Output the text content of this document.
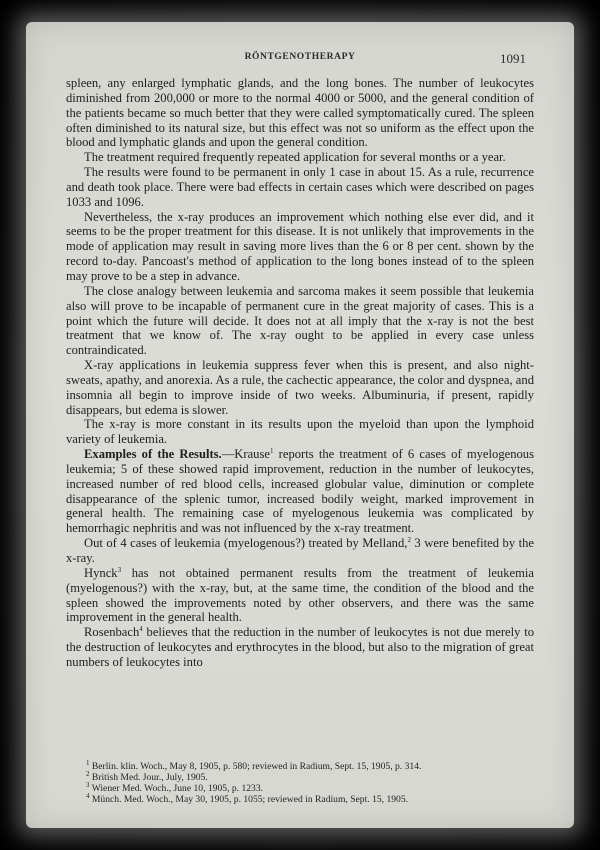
RÖNTGENOTHERAPY	1091

spleen, any enlarged lymphatic glands, and the long bones. The number of leukocytes diminished from 200,000 or more to the normal 4000 or 5000, and the general condition of the patients became so much better that they were called symptomatically cured. The spleen often diminished to its natural size, but this effect was not so uniform as the effect upon the blood and lymphatic glands and upon the general condition.

The treatment required frequently repeated application for several months or a year.

The results were found to be permanent in only 1 case in about 15. As a rule, recurrence and death took place. There were bad effects in certain cases which were described on pages 1033 and 1096.

Nevertheless, the x-ray produces an improvement which nothing else ever did, and it seems to be the proper treatment for this disease. It is not unlikely that improvements in the mode of application may result in saving more lives than the 6 or 8 per cent. shown by the record to-day. Pancoast's method of application to the long bones instead of to the spleen may prove to be a step in advance.

The close analogy between leukemia and sarcoma makes it seem possible that leukemia also will prove to be incapable of permanent cure in the great majority of cases. This is a point which the future will decide. It does not at all imply that the x-ray is not the best treatment that we know of. The x-ray ought to be applied in every case unless contraindicated.

X-ray applications in leukemia suppress fever when this is present, and also night-sweats, apathy, and anorexia. As a rule, the cachectic appearance, the color and dyspnea, and insomnia all begin to improve inside of two weeks. Albuminuria, if present, rapidly disappears, but edema is slower.

The x-ray is more constant in its results upon the myeloid than upon the lymphoid variety of leukemia.

Examples of the Results.—Krause$^1$ reports the treatment of 6 cases of myelogenous leukemia; 5 of these showed rapid improvement, reduction in the number of leukocytes, increased number of red blood cells, increased globular value, diminution or complete disappearance of the splenic tumor, increased bodily weight, marked improvement in general health. The remaining case of myelogenous leukemia was complicated by hemorrhagic nephritis and was not influenced by the x-ray treatment.

Out of 4 cases of leukemia (myelogenous?) treated by Melland,$^2$ 3 were benefited by the x-ray.

Hynck$^3$ has not obtained permanent results from the treatment of leukemia (myelogenous?) with the x-ray, but, at the same time, the condition of the blood and the spleen showed the improvements noted by other observers, and there was the same improvement in the general health.

Rosenbach$^4$ believes that the reduction in the number of leukocytes is not due merely to the destruction of leukocytes and erythrocytes in the blood, but also to the migration of great numbers of leukocytes into

$^1$ Berlin. klin. Woch., May 8, 1905, p. 580; reviewed in Radium, Sept. 15, 1905, p. 314.

$^2$ British Med. Jour., July, 1905.

$^3$ Wiener Med. Woch., June 10, 1905, p. 1233.

$^4$ Münch. Med. Woch., May 30, 1905, p. 1055; reviewed in Radium, Sept. 15, 1905.
